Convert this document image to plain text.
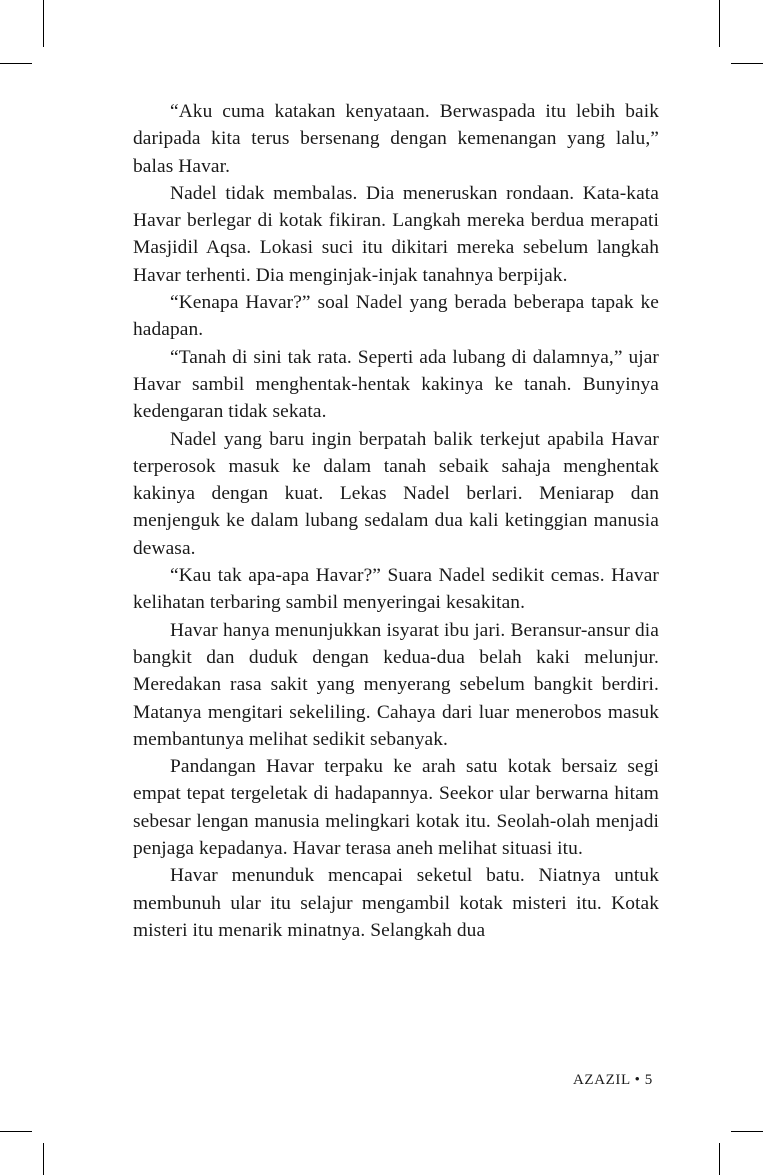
“Aku cuma katakan kenyataan. Berwaspada itu lebih baik daripada kita terus bersenang dengan kemenangan yang lalu,” balas Havar.

Nadel tidak membalas. Dia meneruskan rondaan. Kata-kata Havar berlegar di kotak fikiran. Langkah mereka berdua merapati Masjidil Aqsa. Lokasi suci itu dikitari mereka sebelum langkah Havar terhenti. Dia menginjak-injak tanahnya berpijak.

“Kenapa Havar?” soal Nadel yang berada beberapa tapak ke hadapan.

“Tanah di sini tak rata. Seperti ada lubang di dalamnya,” ujar Havar sambil menghentak-hentak kakinya ke tanah. Bunyinya kedengaran tidak sekata.

Nadel yang baru ingin berpatah balik terkejut apabila Havar terperosok masuk ke dalam tanah sebaik sahaja menghentak kakinya dengan kuat. Lekas Nadel berlari. Meniarap dan menjenguk ke dalam lubang sedalam dua kali ketinggian manusia dewasa.

“Kau tak apa-apa Havar?” Suara Nadel sedikit cemas. Havar kelihatan terbaring sambil menyeringai kesakitan.

Havar hanya menunjukkan isyarat ibu jari. Beransur-ansur dia bangkit dan duduk dengan kedua-dua belah kaki melunjur. Meredakan rasa sakit yang menyerang sebelum bangkit berdiri. Matanya mengitari sekeliling. Cahaya dari luar menerobos masuk membantunya melihat sedikit sebanyak.

Pandangan Havar terpaku ke arah satu kotak bersaiz segi empat tepat tergeletak di hadapannya. Seekor ular berwarna hitam sebesar lengan manusia melingkari kotak itu. Seolah-olah menjadi penjaga kepadanya. Havar terasa aneh melihat situasi itu.

Havar menunduk mencapai seketul batu. Niatnya untuk membunuh ular itu selajur mengambil kotak misteri itu. Kotak misteri itu menarik minatnya. Selangkah dua

AZAZIL • 5
